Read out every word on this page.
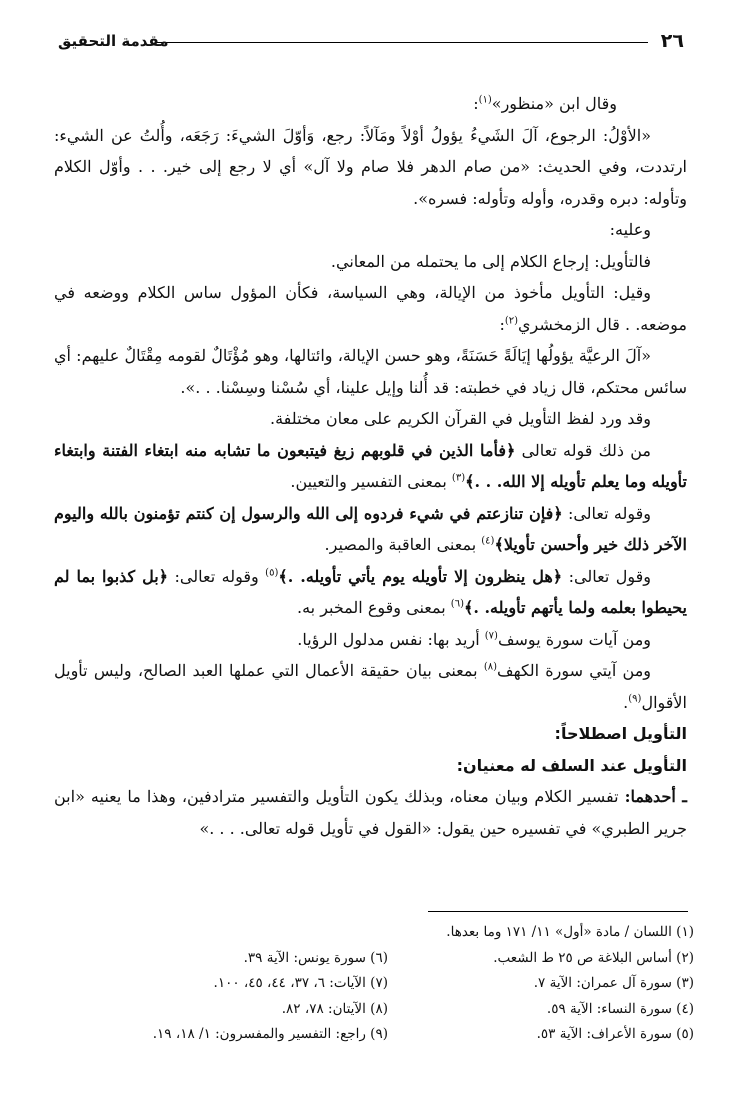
٢٦
مقدمة التحقيق

وقال ابن «منظور»$^{(١)}$:

«الأوْلُ: الرجوع، آلَ الشَيءُ يؤولُ أوْلاً ومَآلاً: رجع، وَأوّلَ الشيءَ: رَجَعَه، وأُلتُ عن الشيء: ارتددت، وفي الحديث: «من صام الدهر فلا صام ولا آل» أي لا رجع إلى خير. . . وأوّل الكلام وتأوله: دبره وقدره، وأوله وتأوله: فسره».

وعليه:

فالتأويل: إرجاع الكلام إلى ما يحتمله من المعاني.

وقيل: التأويل مأخوذ من الإيالة، وهي السياسة، فكأن المؤول ساس الكلام ووضعه في موضعه. . قال الزمخشري$^{(٢)}$:

«آلَ الرعيَّة يؤولُها إيَالَةً حَسَنَةً، وهو حسن الإيالة، وائتالها، وهو مُؤْتَالٌ لقومه مِقْتَالٌ عليهم: أي سائس محتكم، قال زياد في خطبته: قد أُلنا وإيل علينا، أي سُسْنا وسِسْنا. . .».

وقد ورد لفظ التأويل في القرآن الكريم على معان مختلفة.

من ذلك قوله تعالى ﴿فأما الذين في قلوبهم زيغ فيتبعون ما تشابه منه ابتغاء الفتنة وابتغاء تأويله وما يعلم تأويله إلا الله. . .﴾$^{(٣)}$ بمعنى التفسير والتعيين.

وقوله تعالى: ﴿فإن تنازعتم في شيء فردوه إلى الله والرسول إن كنتم تؤمنون بالله واليوم الآخر ذلك خير وأحسن تأويلا﴾$^{(٤)}$ بمعنى العاقبة والمصير.

وقول تعالى: ﴿هل ينظرون إلا تأويله يوم يأتي تأويله. .﴾$^{(٥)}$ وقوله تعالى: ﴿بل كذبوا بما لم يحيطوا بعلمه ولما يأتهم تأويله. .﴾$^{(٦)}$ بمعنى وقوع المخبر به.

ومن آيات سورة يوسف$^{(٧)}$ أريد بها: نفس مدلول الرؤيا.

ومن آيتي سورة الكهف$^{(٨)}$ بمعنى بيان حقيقة الأعمال التي عملها العبد الصالح، وليس تأويل الأقوال$^{(٩)}$.

التأويل اصطلاحاً:

التأويل عند السلف له معنيان:

ـ أحدهما: تفسير الكلام وبيان معناه، وبذلك يكون التأويل والتفسير مترادفين، وهذا ما يعنيه «ابن جرير الطبري» في تفسيره حين يقول: «القول في تأويل قوله تعالى. . . .»

(١) اللسان / مادة «أول» ١١/ ١٧١ وما بعدها.
(٢) أساس البلاغة ص ٢٥ ط الشعب.
(٦) سورة يونس: الآية ٣٩.
(٣) سورة آل عمران: الآية ٧.
(٧) الآيات: ٦، ٣٧، ٤٤، ٤٥، ١٠٠.
(٤) سورة النساء: الآية ٥٩.
(٨) الآيتان: ٧٨، ٨٢.
(٥) سورة الأعراف: الآية ٥٣.
(٩) راجع: التفسير والمفسرون: ١/ ١٨، ١٩.
